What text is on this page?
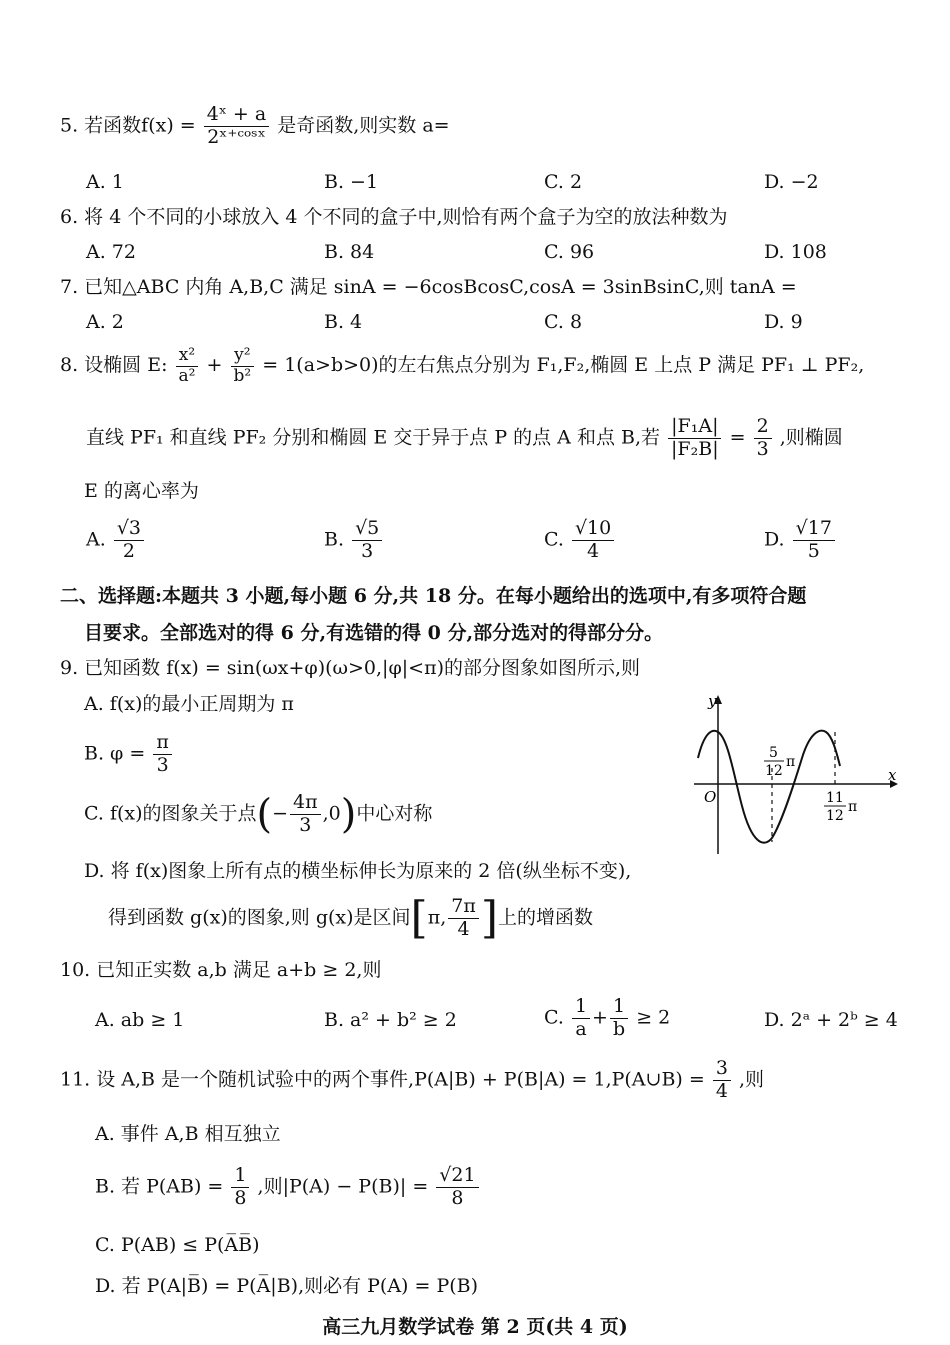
5. 若函数$f(x) = \frac{\text{4ˣ + a}}{\text{2ˣ⁺ᶜᵒˢˣ}}$ 是奇函数,则实数 a=
A. 1	B. −1	C. 2	D. −2
6. 将 4 个不同的小球放入 4 个不同的盒子中,则恰有两个盒子为空的放法种数为
A. 72	B. 84	C. 96	D. 108
7. 已知△ABC 内角 A,B,C 满足 sinA = −6cosBcosC,cosA = 3sinBsinC,则 tanA =
A. 2	B. 4	C. 8	D. 9
8. 设椭圆 E: $\frac{\text{x²}}{\text{a²}} + \frac{\text{y²}}{\text{b²}} = 1(a>b>0)$的左右焦点分别为 F₁,F₂,椭圆 E 上点 P 满足 PF₁ ⊥ PF₂,
直线 PF₁ 和直线 PF₂ 分别和椭圆 E 交于异于点 P 的点 A 和点 B,若 $\frac{\text{|F₁A|}}{\text{|F₂B|}} = \frac{2}{3}$ ,则椭圆
E 的离心率为
A. $\frac{√3}{2}$	B. $\frac{√5}{3}$	C. $\frac{√10}{4}$	D. $\frac{√17}{5}$
二、选择题:本题共 3 小题,每小题 6 分,共 18 分。在每小题给出的选项中,有多项符合题
目要求。全部选对的得 6 分,有选错的得 0 分,部分选对的得部分分。
9. 已知函数 f(x) = sin(ωx+φ)(ω>0,|φ|<π)的部分图象如图所示,则
A. f(x)的最小正周期为 π
B. $\varphi = \frac{\pi}{3}$
C. f(x)的图象关于点(− $\frac{4\pi}{3} ,0$)中心对称
D. 将 f(x)图象上所有点的横坐标伸长为原来的 2 倍(纵坐标不变),
得到函数 g(x)的图象,则 g(x)是区间[π, $\frac{7\pi}{4}$ ]上的增函数
y
x
O
5
12
π
11
12
π
10. 已知正实数 a,b 满足 a+b ≥ 2,则
A. ab ≥ 1	B. a² + b² ≥ 2	C. $\frac{1}{a} + \frac{1}{b} \ge 2$	D. 2ᵃ + 2ᵇ ≥ 4
11. 设 A,B 是一个随机试验中的两个事件,P(A|B) + P(B|A) = 1,P(A∪B) = $\frac{3}{4}$ ,则
A. 事件 A,B 相互独立
B. 若 $P(AB) = \frac{1}{8}$ ,则$|P(A) - P(B)| = \frac{√21}{8}$
C. P(AB) ≤ P(A̅B̅)
D. 若 P(A|B̅) = P(A̅|B),则必有 P(A) = P(B)
高三九月数学试卷 第 2 页(共 4 页)
